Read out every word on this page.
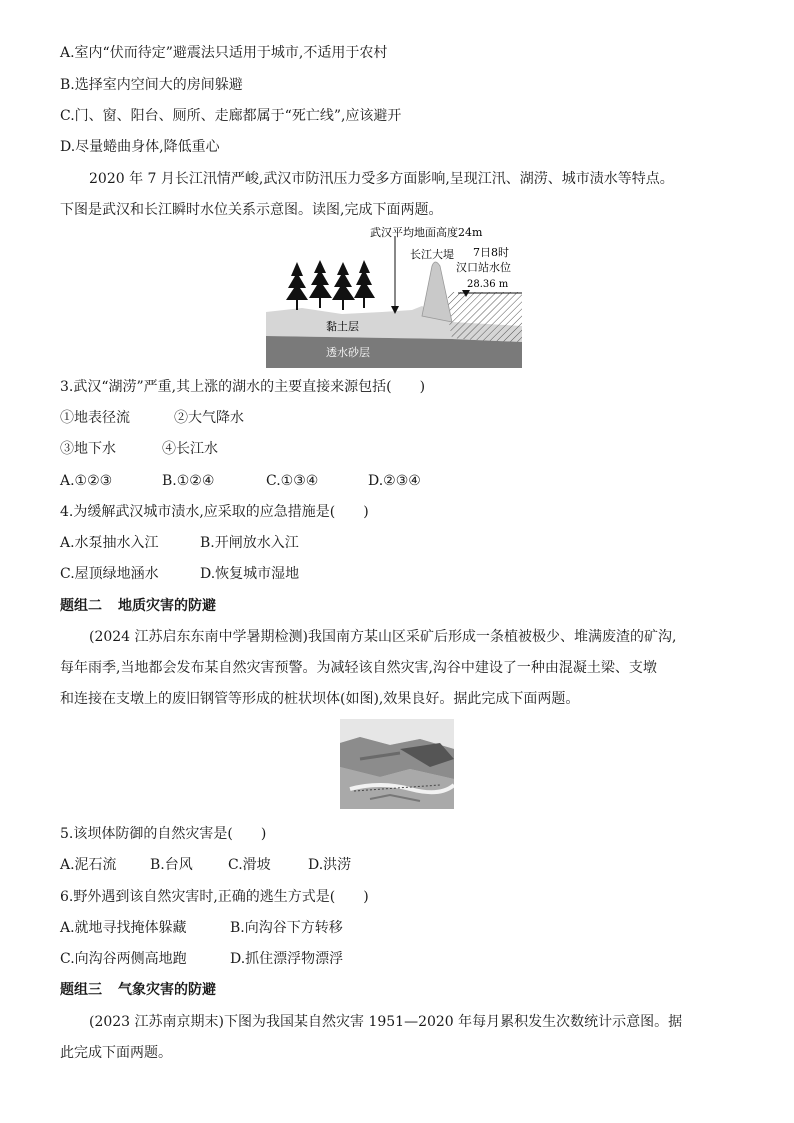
A.室内“伏而待定”避震法只适用于城市,不适用于农村
B.选择室内空间大的房间躲避
C.门、窗、阳台、厕所、走廊都属于“死亡线”,应该避开
D.尽量蜷曲身体,降低重心
2020 年 7 月长江汛情严峻,武汉市防汛压力受多方面影响,呈现江汛、湖涝、城市渍水等特点。
下图是武汉和长江瞬时水位关系示意图。读图,完成下面两题。
武汉平均地面高度24m
长江大堤 7日8时
汉口站水位
28.36 m
黏土层
透水砂层
3.武汉“湖涝”严重,其上涨的湖水的主要直接来源包括(　　)
①地表径流	②大气降水
③地下水	④长江水
A.①②③	B.①②④	C.①③④	D.②③④
4.为缓解武汉城市渍水,应采取的应急措施是(　　)
A.水泵抽水入江	B.开闸放水入江
C.屋顶绿地涵水	D.恢复城市湿地
题组二 地质灾害的防避
(2024 江苏启东东南中学暑期检测)我国南方某山区采矿后形成一条植被极少、堆满废渣的矿沟,
每年雨季,当地都会发布某自然灾害预警。为减轻该自然灾害,沟谷中建设了一种由混凝土梁、支墩
和连接在支墩上的废旧钢管等形成的桩状坝体(如图),效果良好。据此完成下面两题。
5.该坝体防御的自然灾害是(　　)
A.泥石流 B.台风	C.滑坡	D.洪涝
6.野外遇到该自然灾害时,正确的逃生方式是(　　)
A.就地寻找掩体躲藏	B.向沟谷下方转移
C.向沟谷两侧高地跑	D.抓住漂浮物漂浮
题组三 气象灾害的防避
(2023 江苏南京期末)下图为我国某自然灾害 1951—2020 年每月累积发生次数统计示意图。据
此完成下面两题。
